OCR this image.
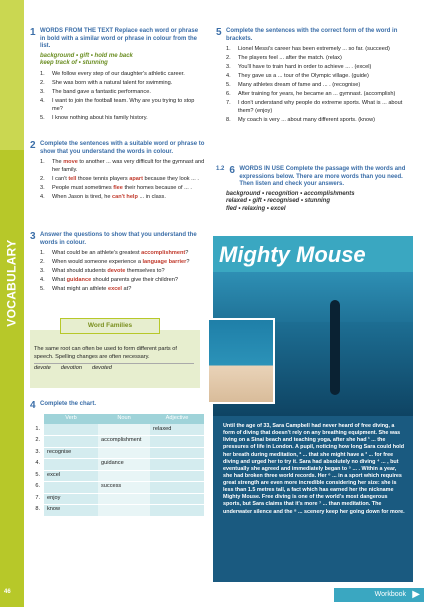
VOCABULARY
46
1 WORDS FROM THE TEXT Replace each word or phrase in bold with a similar word or phrase in colour from the list.
background • gift • hold me back
keep track of • stunning
1.	We follow every step of our daughter's athletic career.
2.	She was born with a natural talent for swimming.
3.	The band gave a fantastic performance.
4.	I want to join the football team. Why are you trying to stop me?
5.	I know nothing about his family history.
2 Complete the sentences with a suitable word or phrase to show that you understand the words in colour.
1.	The move to another ... was very difficult for the gymnast and her family.
2.	I can't tell those tennis players apart because they look ... .
3.	People must sometimes flee their homes because of ... .
4.	When Jason is tired, he can't help ... in class.
3 Answer the questions to show that you understand the words in colour.
1.	What could be an athlete's greatest accomplishment?
2.	When would someone experience a language barrier?
3.	What should students devote themselves to?
4.	What guidance should parents give their children?
5.	What might an athlete excel at?
Word Families
The same root can often be used to form different parts of speech. Spelling changes are often necessary.
devote devotion devoted
4 Complete the chart.
	Verb	Noun	Adjective
1.			relaxed
2.		accomplishment	
3.	recognise		
4.		guidance	
5.	excel		
6.		success	
7.	enjoy		
8.	know		
5 Complete the sentences with the correct form of the word in brackets.
1.	Lionel Messi's career has been extremely ... so far. (succeed)
2.	The players feel ... after the match. (relax)
3.	You'll have to train hard in order to achieve ... . (excel)
4.	They gave us a ... tour of the Olympic village. (guide)
5.	Many athletes dream of fame and ... . (recognise)
6.	After training for years, he became an ... gymnast. (accomplish)
7.	I don't understand why people do extreme sports. What is ... about them? (enjoy)
8.	My coach is very ... about many different sports. (know)
1.2 6 WORDS IN USE Complete the passage with the words and expressions below. There are more words than you need. Then listen and check your answers.
background • recognition • accomplishments
relaxed • gift • recognised • stunning
fled • relaxing • excel
Mighty Mouse

Until the age of 33, Sara Campbell had never heard of free diving, a form of diving that doesn't rely on any breathing equipment. She was living on a Sinai beach and teaching yoga, after she had ¹ ... the pressures of life in London. A pupil, noticing how long Sara could hold her breath during meditation, ² ... that she might have a ³ ... for free diving and urged her to try it. Sara had absolutely no diving ⁴ ... , but eventually she agreed and immediately began to ⁵ ... . Within a year, she had broken three world records. Her ⁶ ... in a sport which requires great strength are even more incredible considering her size: she is less than 1.5 metres tall, a fact which has earned her the nickname Mighty Mouse. Free diving is one of the world's most dangerous sports, but Sara claims that it's more ⁷ ... than meditation. The underwater silence and the ⁸ ... scenery keep her going down for more.

Workbook ▶
